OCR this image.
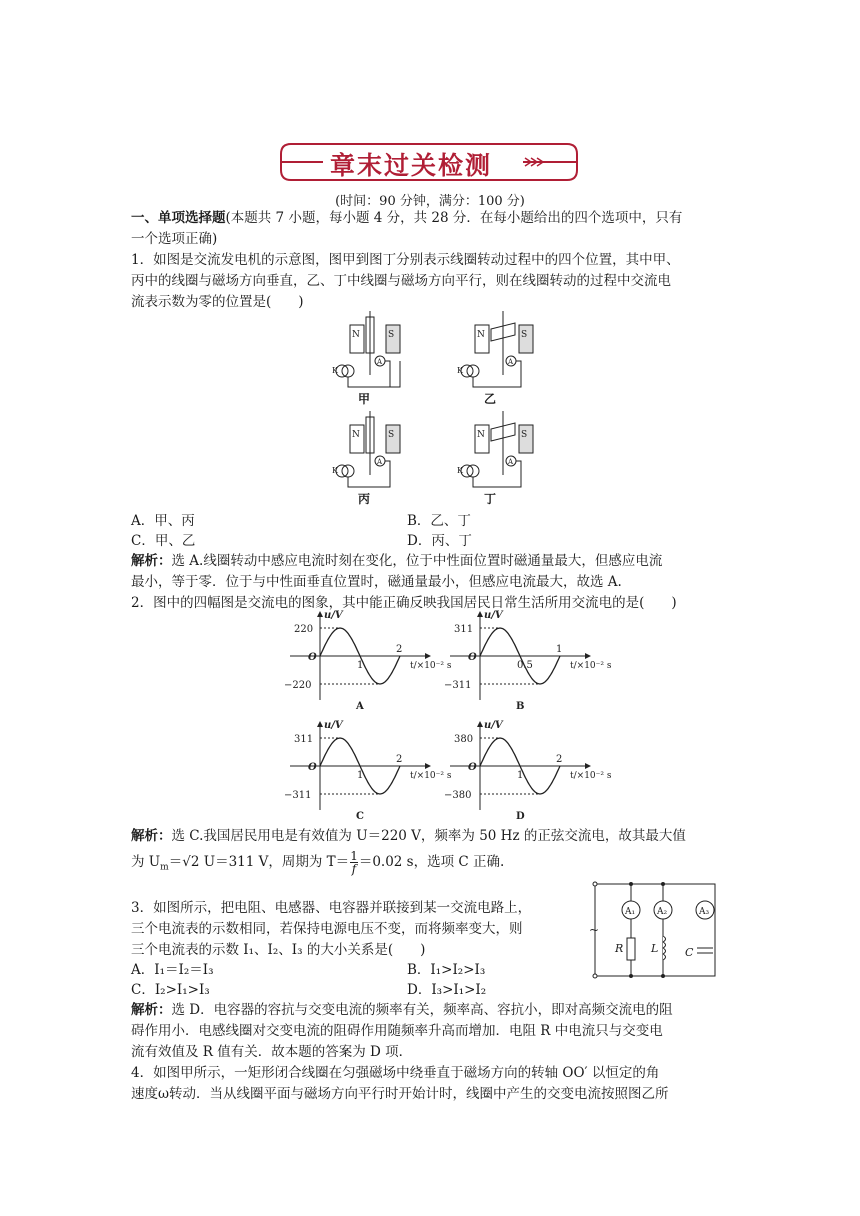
章末过关检测
(时间：90 分钟，满分：100 分)
一、单项选择题(本题共 7 小题，每小题 4 分，共 28 分．在每小题给出的四个选项中，只有
一个选项正确)
1．如图是交流发电机的示意图，图甲到图丁分别表示线圈转动过程中的四个位置，其中甲、
丙中的线圈与磁场方向垂直，乙、丁中线圈与磁场方向平行，则在线圈转动的过程中交流电
流表示数为零的位置是(　　)
N	S
A
K
N	S
A
K
N	S
A
K
N	S
A
K
甲	乙
丙	丁
A．甲、丙	B．乙、丁
C．甲、乙	D．丙、丁
解析：选 A.线圈转动中感应电流时刻在变化，位于中性面位置时磁通量最大，但感应电流
最小，等于零．位于与中性面垂直位置时，磁通量最小，但感应电流最大，故选 A.
2．图中的四幅图是交流电的图象，其中能正确反映我国居民日常生活所用交流电的是(　　)
220
−220
O
1
2
u/V
t/×10⁻² s
A
311
−311
O
0.5
1
u/V
t/×10⁻² s
B
311
−311
O
1
2
u/V
t/×10⁻² s
C
380
−380
O
1
2
u/V
t/×10⁻² s
D
解析：选 C.我国居民用电是有效值为 U＝220 V，频率为 50 Hz 的正弦交流电，故其最大值
为 $U_m=√2$ U＝311 V，周期为 $T= \frac{1}{f} =0.02$ s，选项 C 正确.
3．如图所示，把电阻、电感器、电容器并联接到某一交流电路上，
三个电流表的示数相同，若保持电源电压不变，而将频率变大，则
三个电流表的示数 I₁、I₂、I₃ 的大小关系是(　　)
A．I₁＝I₂＝I₃	B．I₁>I₂>I₃
C．I₂>I₁>I₃	D．I₃>I₁>I₂
A₁ A₂	A₃
R	L C
~
解析：选 D．电容器的容抗与交变电流的频率有关，频率高、容抗小，即对高频交流电的阻
碍作用小．电感线圈对交变电流的阻碍作用随频率升高而增加．电阻 R 中电流只与交变电
流有效值及 R 值有关．故本题的答案为 D 项．
4．如图甲所示，一矩形闭合线圈在匀强磁场中绕垂直于磁场方向的转轴 OO′ 以恒定的角
速度ω转动．当从线圈平面与磁场方向平行时开始计时，线圈中产生的交变电流按照图乙所
